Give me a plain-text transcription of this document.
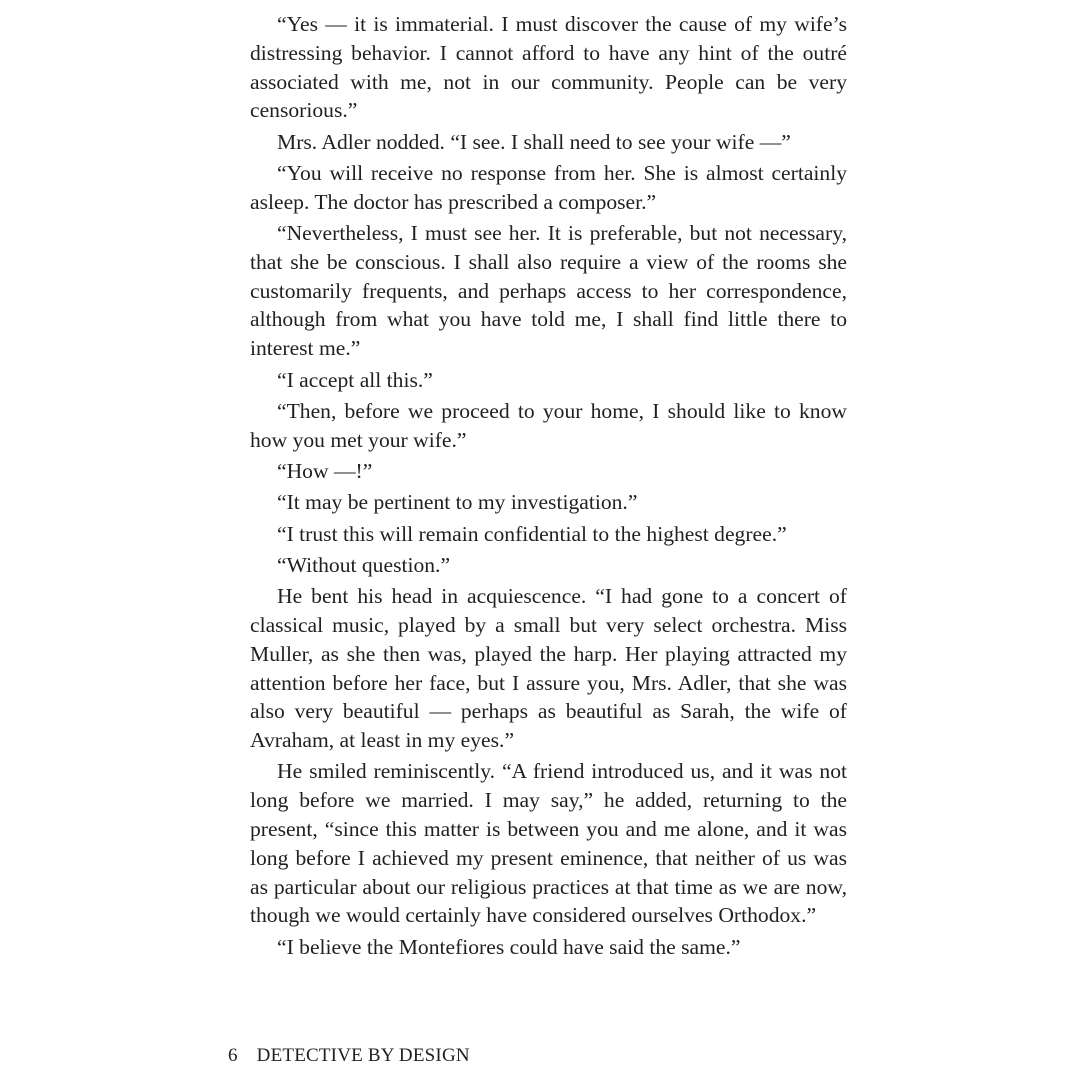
“Yes — it is immaterial. I must discover the cause of my wife’s distressing behavior. I cannot afford to have any hint of the outré associated with me, not in our community. People can be very censorious.”

Mrs. Adler nodded. “I see. I shall need to see your wife —”

“You will receive no response from her. She is almost certainly asleep. The doctor has prescribed a composer.”

“Nevertheless, I must see her. It is preferable, but not necessary, that she be conscious. I shall also require a view of the rooms she customarily frequents, and perhaps access to her correspondence, although from what you have told me, I shall find little there to interest me.”

“I accept all this.”

“Then, before we proceed to your home, I should like to know how you met your wife.”

“How —!”

“It may be pertinent to my investigation.”

“I trust this will remain confidential to the highest degree.”

“Without question.”

He bent his head in acquiescence. “I had gone to a concert of classical music, played by a small but very select orchestra. Miss Muller, as she then was, played the harp. Her playing attracted my attention before her face, but I assure you, Mrs. Adler, that she was also very beautiful — perhaps as beautiful as Sarah, the wife of Avraham, at least in my eyes.”

He smiled reminiscently. “A friend introduced us, and it was not long before we married. I may say,” he added, returning to the present, “since this matter is between you and me alone, and it was long before I achieved my present eminence, that neither of us was as particular about our religious practices at that time as we are now, though we would certainly have considered ourselves Orthodox.”

“I believe the Montefiores could have said the same.”

6 DETECTIVE BY DESIGN
